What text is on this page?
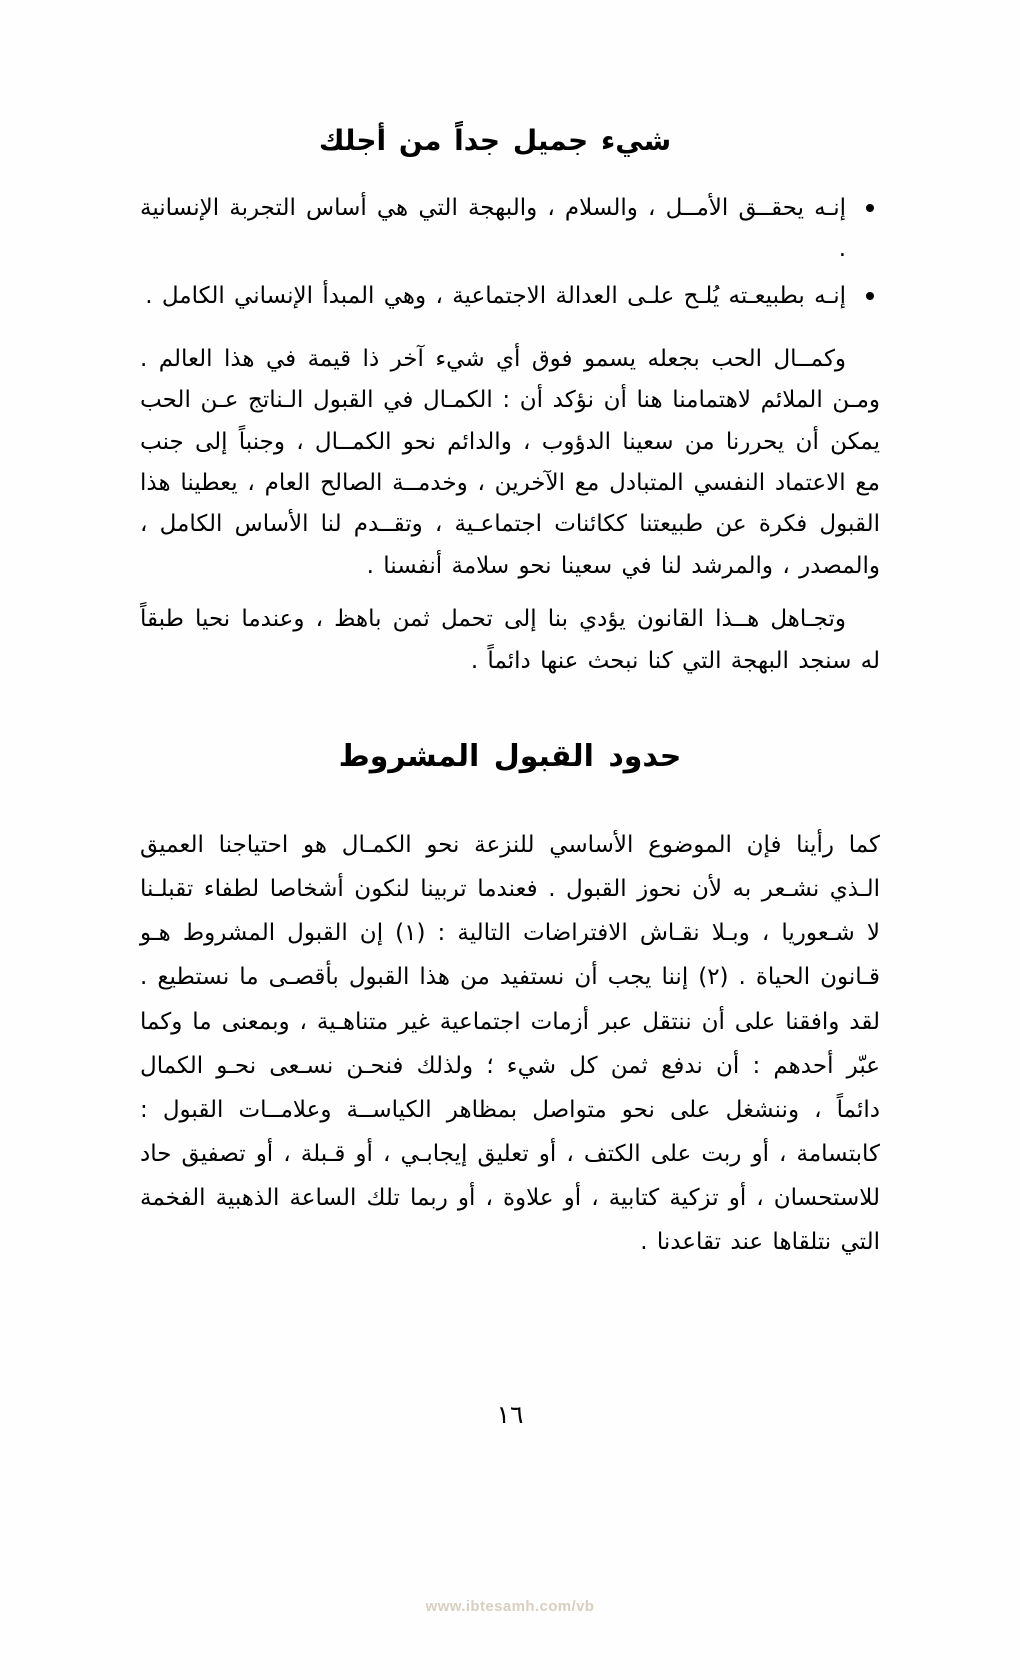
شيء جميل جداً من أجلك
إنـه يحقــق الأمــل ، والسلام ، والبهجة التي هي أساس التجربة الإنسانية .
إنـه بطبيعـته يُلـح علـى العدالة الاجتماعية ، وهي المبدأ الإنساني الكامل .

وكمــال الحب بجعله يسمو فوق أي شيء آخر ذا قيمة في هذا العالم . ومـن الملائم لاهتمامنا هنا أن نؤكد أن : الكمـال في القبول الـناتج عـن الحب يمكن أن يحررنا من سعينا الدؤوب ، والدائم نحو الكمــال ، وجنباً إلى جنب مع الاعتماد النفسي المتبادل مع الآخرين ، وخدمــة الصالح العام ، يعطينا هذا القبول فكرة عن طبيعتنا ككائنات اجتماعـية ، وتقــدم لنا الأساس الكامل ، والمصدر ، والمرشد لنا في سعينا نحو سلامة أنفسنا .

وتجـاهل هــذا القانون يؤدي بنا إلى تحمل ثمن باهظ ، وعندما نحيا طبقاً له سنجد البهجة التي كنا نبحث عنها دائماً .

حدود القبول المشروط

كما رأينا فإن الموضوع الأساسي للنزعة نحو الكمـال هو احتياجنا العميق الـذي نشـعر به لأن نحوز القبول . فعندما تربينا لنكون أشخاصا لطفاء تقبلـنا لا شـعوريا ، وبـلا نقـاش الافتراضات التالية : (١) إن القبول المشروط هـو قـانون الحياة . (٢) إننا يجب أن نستفيد من هذا القبول بأقصـى ما نستطيع . لقد وافقنا على أن ننتقل عبر أزمات اجتماعية غير متناهـية ، وبمعنى ما وكما عبّر أحدهم : أن ندفع ثمن كل شيء ؛ ولذلك فنحـن نسـعى نحـو الكمال دائماً ، وننشغل على نحو متواصل بمظاهر الكياســة وعلامــات القبول : كابتسامة ، أو ربت على الكتف ، أو تعليق إيجابـي ، أو قـبلة ، أو تصفيق حاد للاستحسان ، أو تزكية كتابية ، أو علاوة ، أو ربما تلك الساعة الذهبية الفخمة التي نتلقاها عند تقاعدنا .

١٦
www.ibtesamh.com/vb
